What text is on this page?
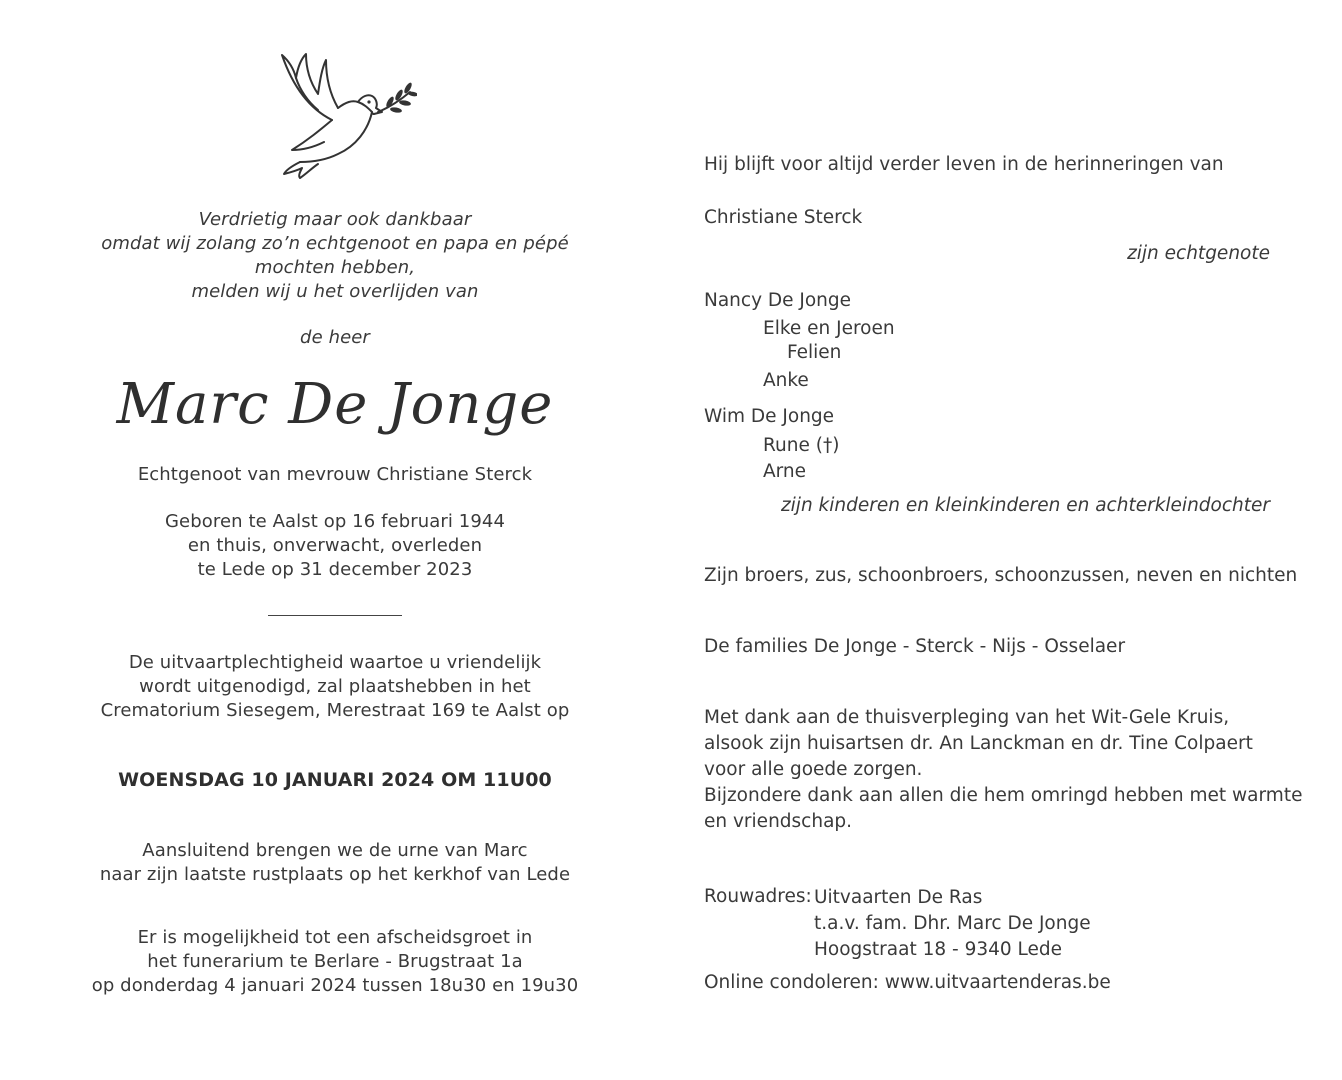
Verdrietig maar ook dankbaar
omdat wij zolang zo’n echtgenoot en papa en pépé
mochten hebben,
melden wij u het overlijden van
de heer
Marc De Jonge
Echtgenoot van mevrouw Christiane Sterck
Geboren te Aalst op 16 februari 1944
en thuis, onverwacht, overleden
te Lede op 31 december 2023
De uitvaartplechtigheid waartoe u vriendelijk
wordt uitgenodigd, zal plaatshebben in het
Crematorium Siesegem, Merestraat 169 te Aalst op
WOENSDAG 10 JANUARI 2024 OM 11U00
Aansluitend brengen we de urne van Marc
naar zijn laatste rustplaats op het kerkhof van Lede
Er is mogelijkheid tot een afscheidsgroet in
het funerarium te Berlare - Brugstraat 1a
op donderdag 4 januari 2024 tussen 18u30 en 19u30
Hij blijft voor altijd verder leven in de herinneringen van
Christiane Sterck
zijn echtgenote
Nancy De Jonge
Elke en Jeroen
Felien
Anke
Wim De Jonge
Rune (†)
Arne
zijn kinderen en kleinkinderen en achterkleindochter
Zijn broers, zus, schoonbroers, schoonzussen, neven en nichten
De families De Jonge - Sterck - Nijs - Osselaer
Met dank aan de thuisverpleging van het Wit-Gele Kruis,
alsook zijn huisartsen dr. An Lanckman en dr. Tine Colpaert
voor alle goede zorgen.
Bijzondere dank aan allen die hem omringd hebben met warmte
en vriendschap.
Rouwadres: Uitvaarten De Ras
t.a.v. fam. Dhr. Marc De Jonge
Hoogstraat 18 - 9340 Lede
Online condoleren: www.uitvaartenderas.be
